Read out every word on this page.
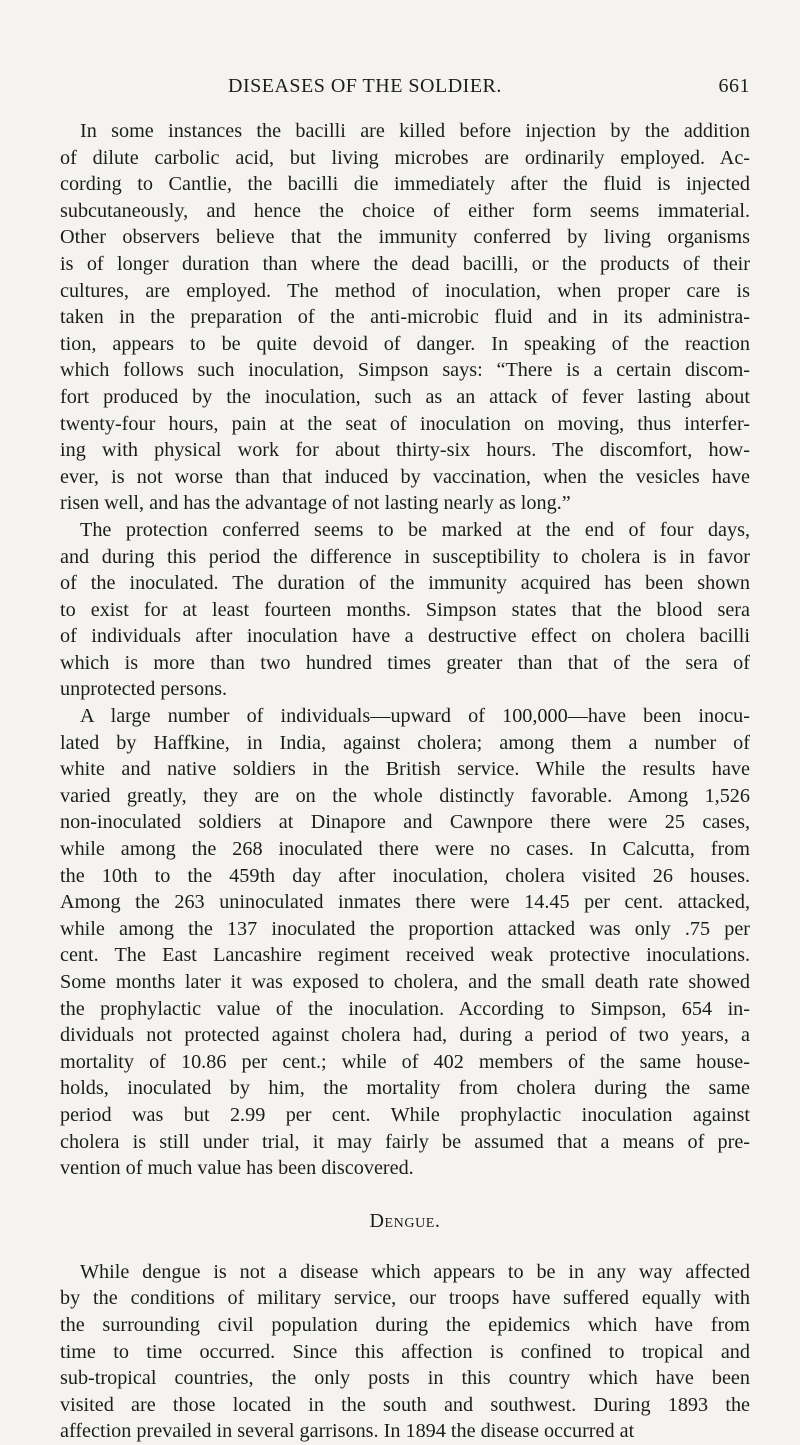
DISEASES OF THE SOLDIER.	661
In some instances the bacilli are killed before injection by the addition
of dilute carbolic acid, but living microbes are ordinarily employed. Ac-
cording to Cantlie, the bacilli die immediately after the fluid is injected
subcutaneously, and hence the choice of either form seems immaterial.
Other observers believe that the immunity conferred by living organisms
is of longer duration than where the dead bacilli, or the products of their
cultures, are employed. The method of inoculation, when proper care is
taken in the preparation of the anti-microbic fluid and in its administra-
tion, appears to be quite devoid of danger. In speaking of the reaction
which follows such inoculation, Simpson says: “There is a certain discom-
fort produced by the inoculation, such as an attack of fever lasting about
twenty-four hours, pain at the seat of inoculation on moving, thus interfer-
ing with physical work for about thirty-six hours. The discomfort, how-
ever, is not worse than that induced by vaccination, when the vesicles have
risen well, and has the advantage of not lasting nearly as long.”
The protection conferred seems to be marked at the end of four days,
and during this period the difference in susceptibility to cholera is in favor
of the inoculated. The duration of the immunity acquired has been shown
to exist for at least fourteen months. Simpson states that the blood sera
of individuals after inoculation have a destructive effect on cholera bacilli
which is more than two hundred times greater than that of the sera of
unprotected persons.
A large number of individuals—upward of 100,000—have been inocu-
lated by Haffkine, in India, against cholera; among them a number of
white and native soldiers in the British service. While the results have
varied greatly, they are on the whole distinctly favorable. Among 1,526
non-inoculated soldiers at Dinapore and Cawnpore there were 25 cases,
while among the 268 inoculated there were no cases. In Calcutta, from
the 10th to the 459th day after inoculation, cholera visited 26 houses.
Among the 263 uninoculated inmates there were 14.45 per cent. attacked,
while among the 137 inoculated the proportion attacked was only .75 per
cent. The East Lancashire regiment received weak protective inoculations.
Some months later it was exposed to cholera, and the small death rate showed
the prophylactic value of the inoculation. According to Simpson, 654 in-
dividuals not protected against cholera had, during a period of two years, a
mortality of 10.86 per cent.; while of 402 members of the same house-
holds, inoculated by him, the mortality from cholera during the same
period was but 2.99 per cent. While prophylactic inoculation against
cholera is still under trial, it may fairly be assumed that a means of pre-
vention of much value has been discovered.
Dengue.
While dengue is not a disease which appears to be in any way affected
by the conditions of military service, our troops have suffered equally with
the surrounding civil population during the epidemics which have from
time to time occurred. Since this affection is confined to tropical and
sub-tropical countries, the only posts in this country which have been
visited are those located in the south and southwest. During 1893 the
affection prevailed in several garrisons. In 1894 the disease occurred at
